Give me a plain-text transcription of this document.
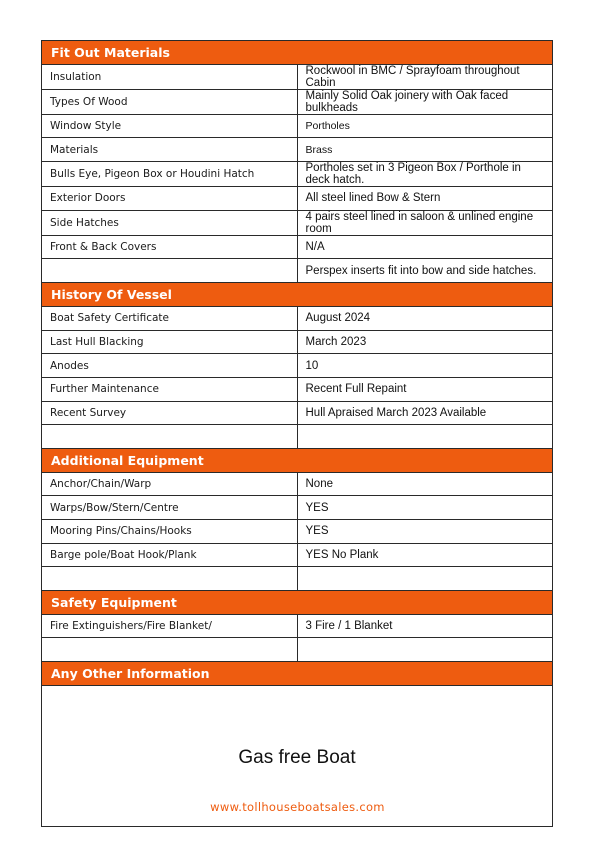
Fit Out Materials	
Insulation	Rockwool in BMC / Sprayfoam throughout Cabin
Types Of Wood	Mainly Solid Oak joinery with Oak faced bulkheads
Window Style	Portholes
Materials	Brass
Bulls Eye, Pigeon Box or Houdini Hatch	Portholes set in 3 Pigeon Box / Porthole in deck hatch.
Exterior Doors	All steel lined Bow & Stern
Side Hatches	4 pairs steel lined in saloon & unlined engine room
Front & Back Covers	N/A
	Perspex inserts fit into bow and side hatches.
History Of Vessel	
Boat Safety Certificate	August 2024
Last Hull Blacking	March 2023
Anodes	10
Further Maintenance	Recent Full Repaint
Recent Survey	Hull Apraised March 2023 Available

Additional Equipment	
Anchor/Chain/Warp	None
Warps/Bow/Stern/Centre	YES
Mooring Pins/Chains/Hooks	YES
Barge pole/Boat Hook/Plank	YES No Plank

Safety Equipment	
Fire Extinguishers/Fire Blanket/	3 Fire / 1 Blanket

Any Other Information	
Gas free Boat	
www.tollhouseboatsales.com
